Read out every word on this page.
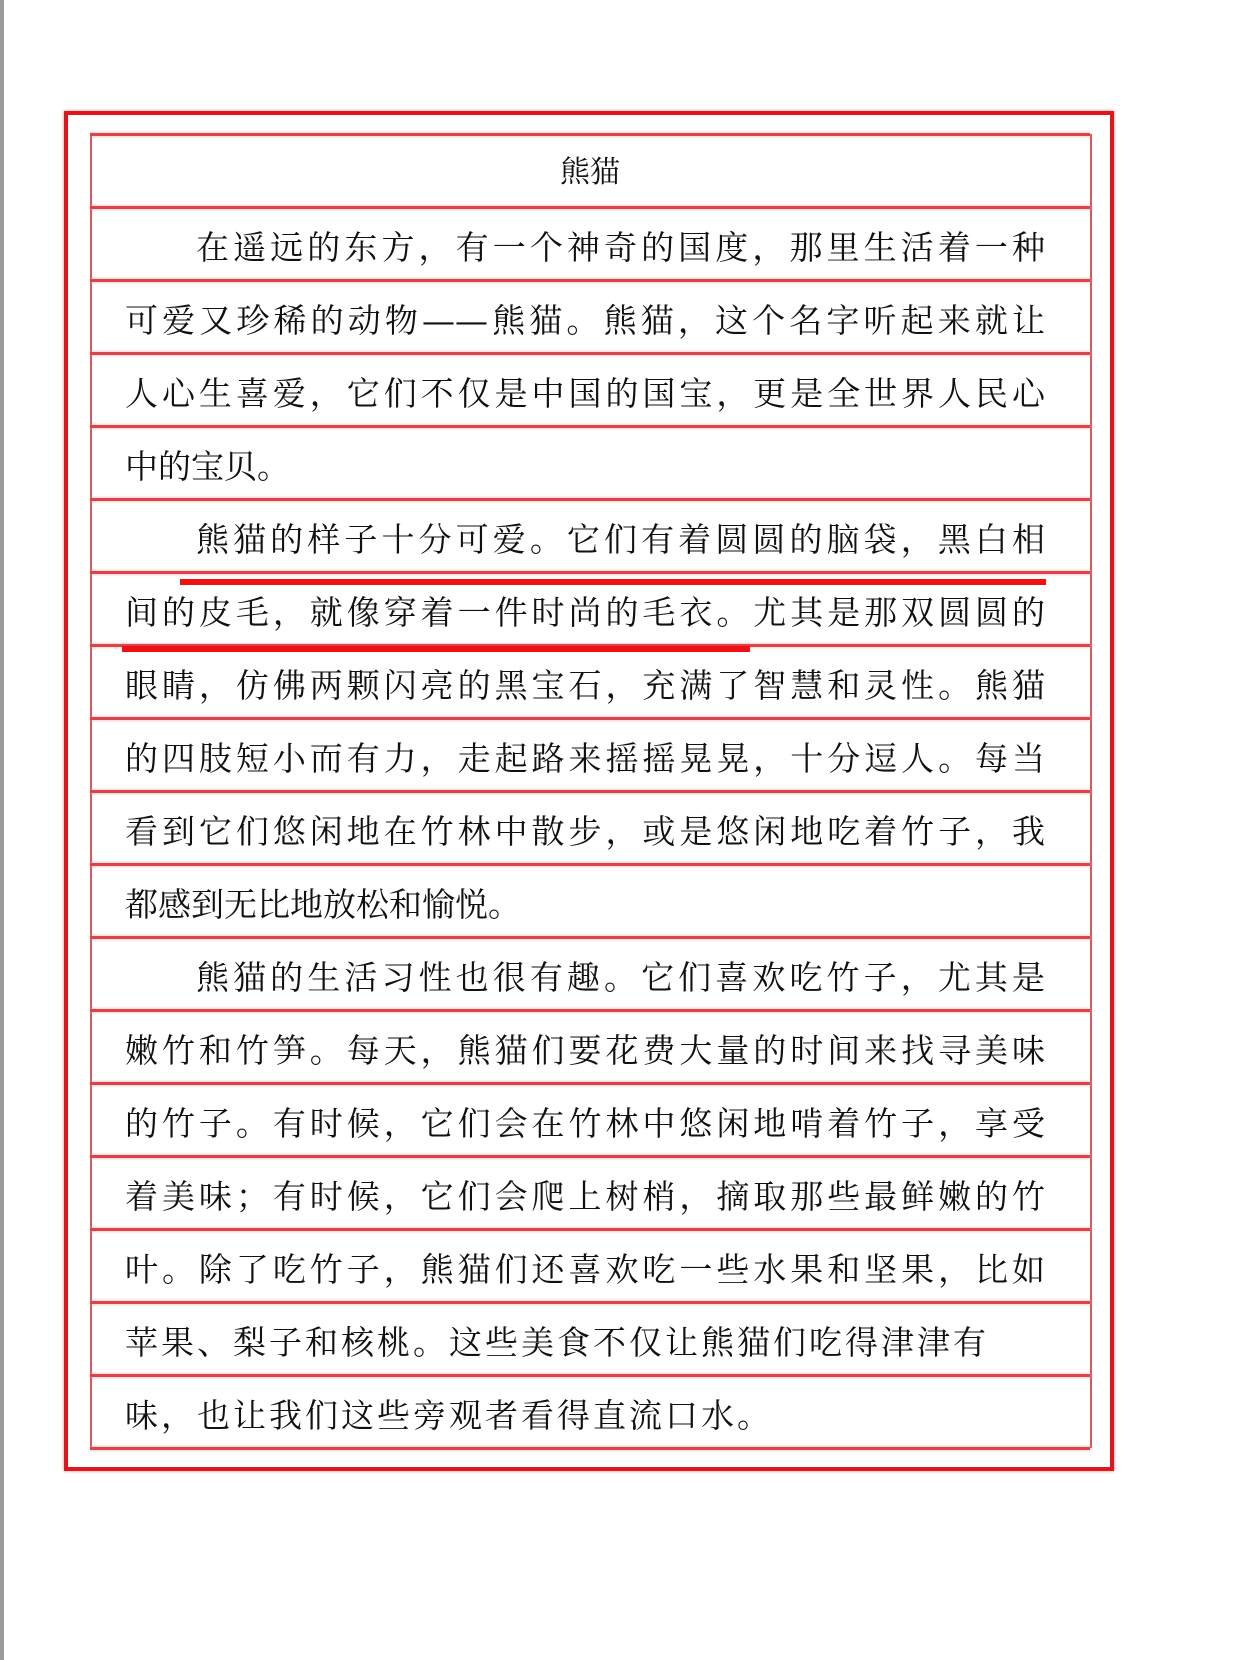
熊猫
在遥远的东方，有一个神奇的国度，那里生活着一种
可爱又珍稀的动物——熊猫。熊猫，这个名字听起来就让
人心生喜爱，它们不仅是中国的国宝，更是全世界人民心
中的宝贝。
熊猫的样子十分可爱。它们有着圆圆的脑袋，黑白相
间的皮毛，就像穿着一件时尚的毛衣。尤其是那双圆圆的
眼睛，仿佛两颗闪亮的黑宝石，充满了智慧和灵性。熊猫
的四肢短小而有力，走起路来摇摇晃晃，十分逗人。每当
看到它们悠闲地在竹林中散步，或是悠闲地吃着竹子，我
都感到无比地放松和愉悦。
熊猫的生活习性也很有趣。它们喜欢吃竹子，尤其是
嫩竹和竹笋。每天，熊猫们要花费大量的时间来找寻美味
的竹子。有时候，它们会在竹林中悠闲地啃着竹子，享受
着美味；有时候，它们会爬上树梢，摘取那些最鲜嫩的竹
叶。除了吃竹子，熊猫们还喜欢吃一些水果和坚果，比如
苹果、梨子和核桃。这些美食不仅让熊猫们吃得津津有
味，也让我们这些旁观者看得直流口水。
